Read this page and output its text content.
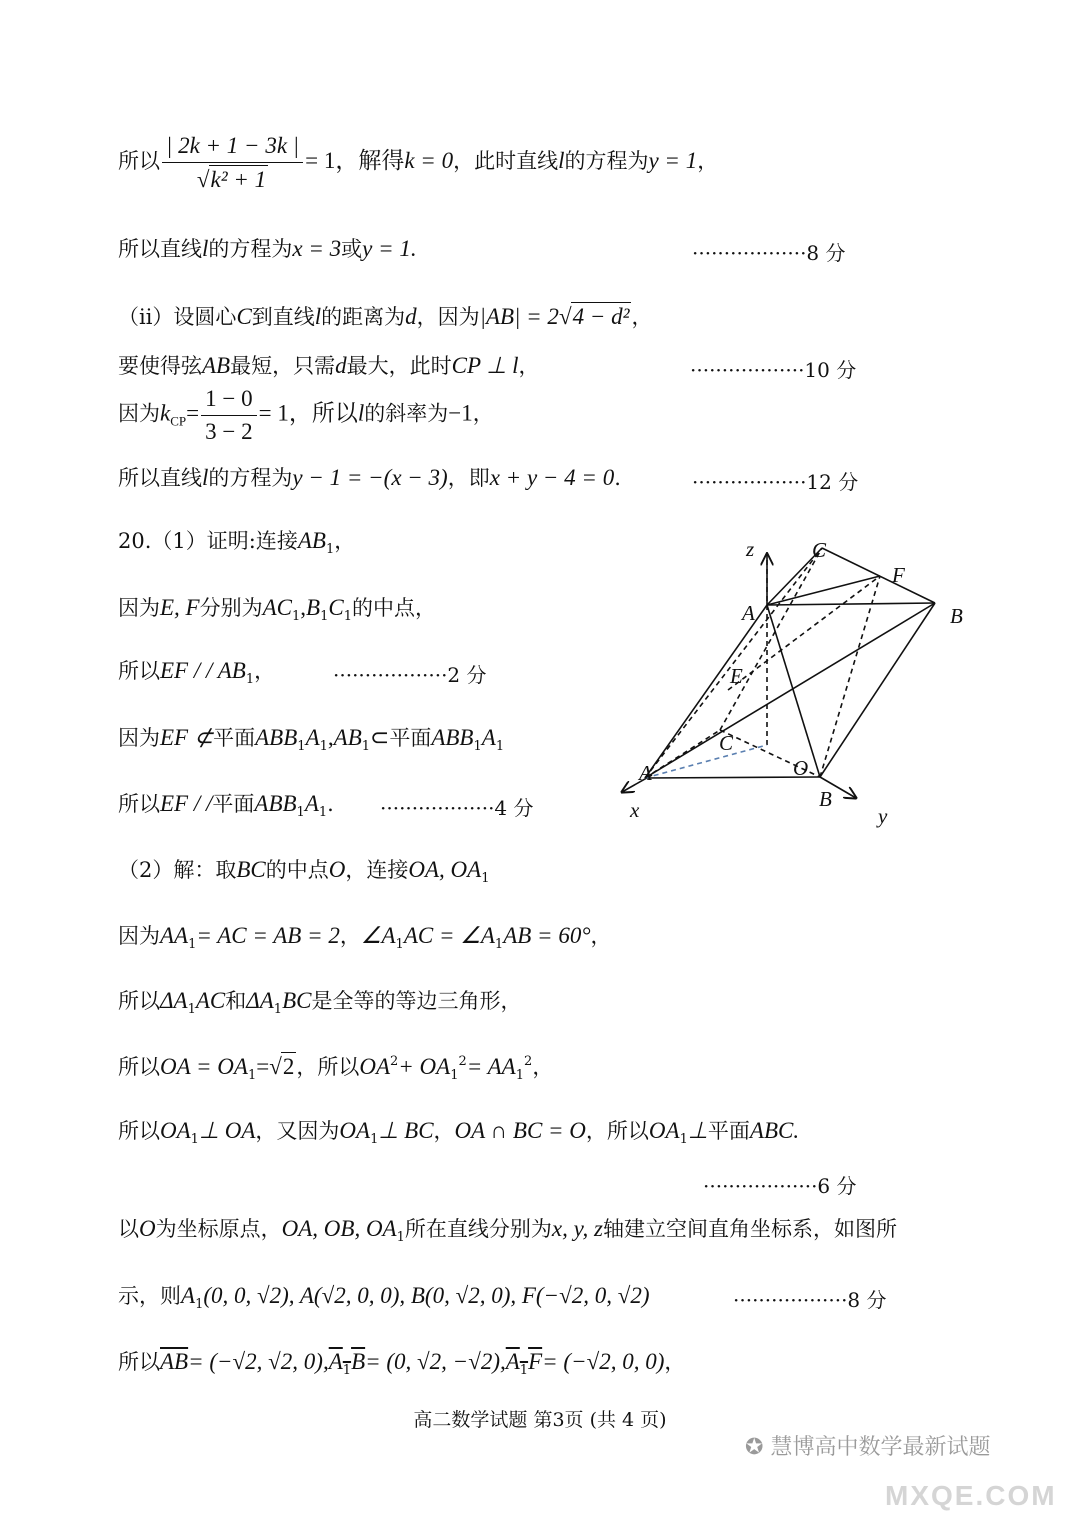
所以 $\frac{| 2k + 1 - 3k |}{\text{√k² + 1}} = 1$，解得k = 0，此时直线l的方程为y = 1，
所以直线l的方程为x = 3或y = 1.	··················8 分
（ⅱ）设圆心C到直线l的距离为d，因为|AB| = 2√4 − d²，
要使得弦AB最短，只需d最大，此时CP ⊥ l，	··················10 分
因为$k_{CP}= \frac{1 - 0}{3 - 2} = 1$，所以l的斜率为−1，
所以直线l的方程为y − 1 = −(x − 3)，即x + y − 4 = 0.	··················12 分
20.（1）证明:连接$AB_1$，
因为E, F分别为$AC_1,B_1C_1$的中点，
所以EF / / $AB_1$，	··················2 分
因为EF ⊄平面$ABB_1A_1,AB_1\subset$平面$ABB_1A_1$
所以EF / /平面$ABB_1A_1$. ··················4 分
（2）解：取BC的中点O，连接OA, $OA_1$
因为$AA_1=$ AC = AB = 2，$\angle A_1AC$ = $\angle A_1AB = 60^\circ$，
所以$\Delta A_1AC$和$\Delta A_1BC$是全等的等边三角形，
所以OA = $OA_1=√2$，所以$OA^2+ OA_1^2= AA_1^2$，
所以$OA_1\perp$ OA，又因为$OA_1\perp$ BC，OA ∩ BC = O，所以$OA_1\perp$平面ABC.
··················6 分
以O为坐标原点，OA, OB, $OA_1$所在直线分别为x, y, z轴建立空间直角坐标系，如图所
示，则$A_1(0$, 0, √2), A(√2, 0, 0), B(0, √2, 0), F(−√2, 0, √2)	··················8 分
所以$\overline{AB}= (-√2$, √2, $0),A_1B= (0$, √2, $-√2),A_1F= (-√2$, 0, 0)，
z	C
F
A	B
E
C
O
A
B
x	y
高二数学试题 第3页 (共 4 页)
✪ 慧博高中数学最新试题
MXQE.COM
